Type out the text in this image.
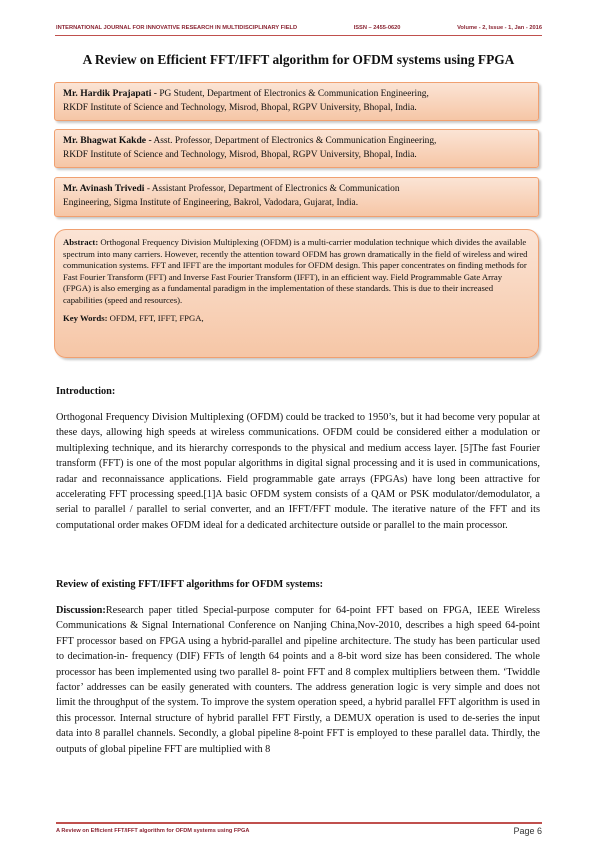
INTERNATIONAL JOURNAL FOR INNOVATIVE RESEARCH IN MULTIDISCIPLINARY FIELD	ISSN – 2455-0620	Volume - 2, Issue - 1, Jan - 2016
A Review on Efficient FFT/IFFT algorithm for OFDM systems using FPGA
Mr. Hardik Prajapati - PG Student, Department of Electronics & Communication Engineering,
RKDF Institute of Science and Technology, Misrod, Bhopal, RGPV University, Bhopal, India.
Mr. Bhagwat Kakde - Asst. Professor, Department of Electronics & Communication Engineering,
RKDF Institute of Science and Technology, Misrod, Bhopal, RGPV University, Bhopal, India.
Mr. Avinash Trivedi - Assistant Professor, Department of Electronics & Communication
Engineering, Sigma Institute of Engineering, Bakrol, Vadodara, Gujarat, India.
Abstract: Orthogonal Frequency Division Multiplexing (OFDM) is a multi-carrier modulation technique which divides the available spectrum into many carriers. However, recently the attention toward OFDM has grown dramatically in the field of wireless and wired communication systems. FFT and IFFT are the important modules for OFDM design. This paper concentrates on finding methods for Fast Fourier Transform (FFT) and Inverse Fast Fourier Transform (IFFT), in an efficient way. Field Programmable Gate Array (FPGA) is also emerging as a fundamental paradigm in the implementation of these standards. This is due to their increased capabilities (speed and resources).
Key Words: OFDM, FFT, IFFT, FPGA,
Introduction:

Orthogonal Frequency Division Multiplexing (OFDM) could be tracked to 1950’s, but it had become very popular at these days, allowing high speeds at wireless communications. OFDM could be considered either a modulation or multiplexing technique, and its hierarchy corresponds to the physical and medium access layer. [5]The fast Fourier transform (FFT) is one of the most popular algorithms in digital signal processing and it is used in communications, radar and reconnaissance applications. Field programmable gate arrays (FPGAs) have long been attractive for accelerating FFT processing speed.[1]A basic OFDM system consists of a QAM or PSK modulator/demodulator, a serial to parallel / parallel to serial converter, and an IFFT/FFT module. The iterative nature of the FFT and its computational order makes OFDM ideal for a dedicated architecture outside or parallel to the main processor.

Review of existing FFT/IFFT algorithms for OFDM systems:

Discussion:Research paper titled Special-purpose computer for 64-point FFT based on FPGA, IEEE Wireless Communications & Signal International Conference on Nanjing China,Nov-2010, describes a high speed 64-point FFT processor based on FPGA using a hybrid-parallel and pipeline architecture. The study has been particular used to decimation-in- frequency (DIF) FFTs of length 64 points and a 8-bit word size has been considered. The whole processor has been implemented using two parallel 8- point FFT and 8 complex multipliers between them. ‘Twiddle factor’ addresses can be easily generated with counters. The address generation logic is very simple and does not limit the throughput of the system. To improve the system operation speed, a hybrid parallel FFT algorithm is used in this processor. Internal structure of hybrid parallel FFT Firstly, a DEMUX operation is used to de-series the input data into 8 parallel channels. Secondly, a global pipeline 8-point FFT is employed to these parallel data. Thirdly, the outputs of global pipeline FFT are multiplied with 8

A Review on Efficient FFT/IFFT algorithm for OFDM systems using FPGA	Page 6
